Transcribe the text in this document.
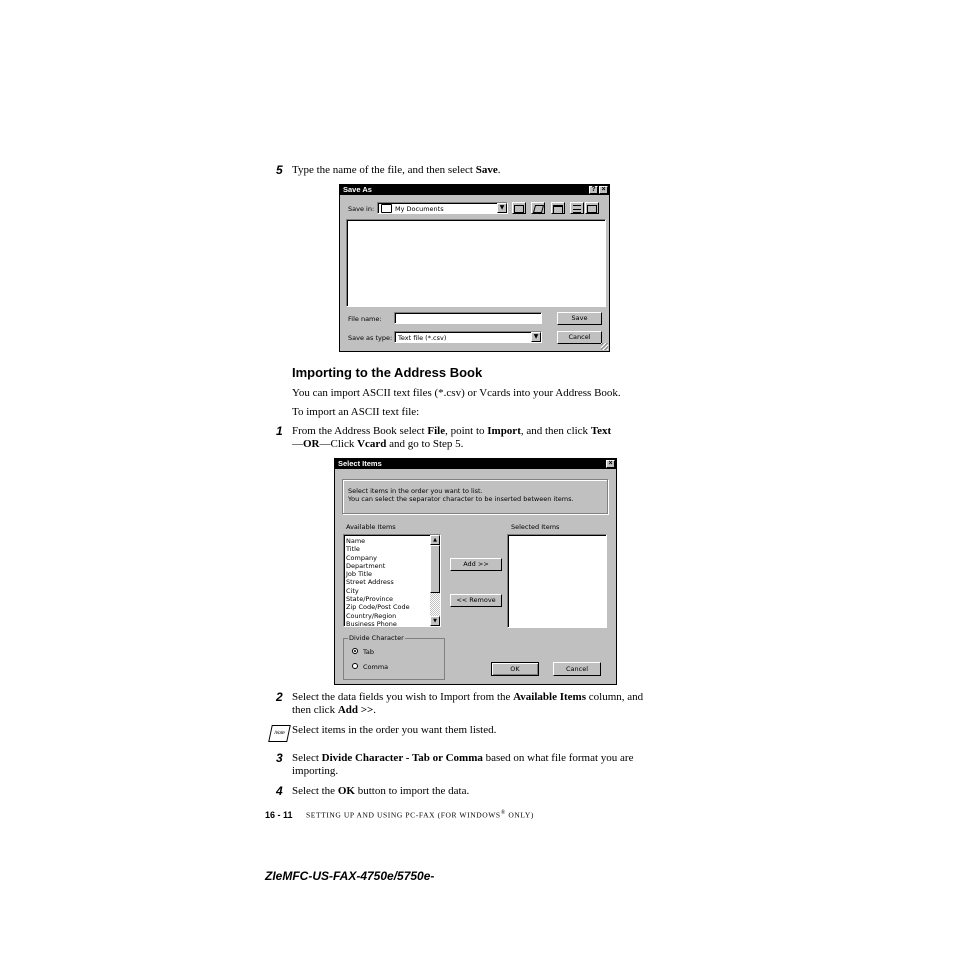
5 Type the name of the file, and then select Save.
Save As	? ×
Save in:	My Documents	▼
File name:	Save
Save as type: Text file (*.csv)	▼	Cancel
Importing to the Address Book
You can import ASCII text files (*.csv) or Vcards into your Address Book.
To import an ASCII text file:
1 From the Address Book select File, point to Import, and then click Text
—OR—Click Vcard and go to Step 5.
Select Items	×
Select items in the order you want to list.
You can select the separator character to be inserted between items.
Available Items	Selected Items
Name
Title
Company
Department
Job Title
Street Address
City
State/Province
Zip Code/Post Code
Country/Region
Business Phone
▲
▼
Add >>
<< Remove
Divide Character
Tab
Comma	OK	Cancel
2 Select the data fields you wish to Import from the Available Items column, and
then click Add >>.
Note Select items in the order you want them listed.
3 Select Divide Character - Tab or Comma based on what file format you are
importing.
4 Select the OK button to import the data.
16 - 11 SETTING UP AND USING PC-FAX (FOR WINDOWS® ONLY)
ZIeMFC-US-FAX-4750e/5750e-
